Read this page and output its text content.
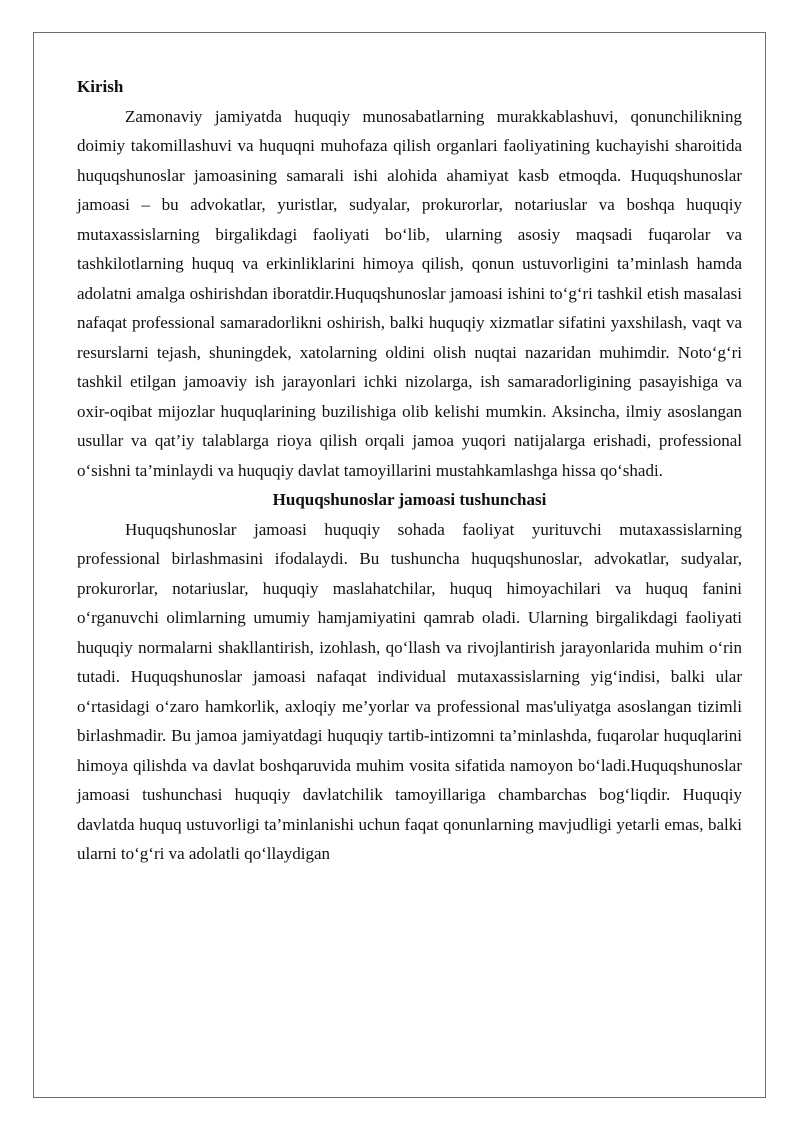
Kirish

Zamonaviy jamiyatda huquqiy munosabatlarning murakkablashuvi, qonunchilikning doimiy takomillashuvi va huquqni muhofaza qilish organlari faoliyatining kuchayishi sharoitida huquqshunoslar jamoasining samarali ishi alohida ahamiyat kasb etmoqda. Huquqshunoslar jamoasi – bu advokatlar, yuristlar, sudyalar, prokurorlar, notariuslar va boshqa huquqiy mutaxassislarning birgalikdagi faoliyati bo‘lib, ularning asosiy maqsadi fuqarolar va tashkilotlarning huquq va erkinliklarini himoya qilish, qonun ustuvorligini ta’minlash hamda adolatni amalga oshirishdan iboratdir.Huquqshunoslar jamoasi ishini to‘g‘ri tashkil etish masalasi nafaqat professional samaradorlikni oshirish, balki huquqiy xizmatlar sifatini yaxshilash, vaqt va resurslarni tejash, shuningdek, xatolarning oldini olish nuqtai nazaridan muhimdir. Noto‘g‘ri tashkil etilgan jamoaviy ish jarayonlari ichki nizolarga, ish samaradorligining pasayishiga va oxir-oqibat mijozlar huquqlarining buzilishiga olib kelishi mumkin. Aksincha, ilmiy asoslangan usullar va qat’iy talablarga rioya qilish orqali jamoa yuqori natijalarga erishadi, professional o‘sishni ta’minlaydi va huquqiy davlat tamoyillarini mustahkamlashga hissa qo‘shadi.

Huquqshunoslar jamoasi tushunchasi

Huquqshunoslar jamoasi huquqiy sohada faoliyat yurituvchi mutaxassislarning professional birlashmasini ifodalaydi. Bu tushuncha huquqshunoslar, advokatlar, sudyalar, prokurorlar, notariuslar, huquqiy maslahatchilar, huquq himoyachilari va huquq fanini o‘rganuvchi olimlarning umumiy hamjamiyatini qamrab oladi. Ularning birgalikdagi faoliyati huquqiy normalarni shakllantirish, izohlash, qo‘llash va rivojlantirish jarayonlarida muhim o‘rin tutadi. Huquqshunoslar jamoasi nafaqat individual mutaxassislarning yig‘indisi, balki ular o‘rtasidagi o‘zaro hamkorlik, axloqiy me’yorlar va professional mas'uliyatga asoslangan tizimli birlashmadir. Bu jamoa jamiyatdagi huquqiy tartib-intizomni ta’minlashda, fuqarolar huquqlarini himoya qilishda va davlat boshqaruvida muhim vosita sifatida namoyon bo‘ladi.Huquqshunoslar jamoasi tushunchasi huquqiy davlatchilik tamoyillariga chambarchas bog‘liqdir. Huquqiy davlatda huquq ustuvorligi ta’minlanishi uchun faqat qonunlarning mavjudligi yetarli emas, balki ularni to‘g‘ri va adolatli qo‘llaydigan
